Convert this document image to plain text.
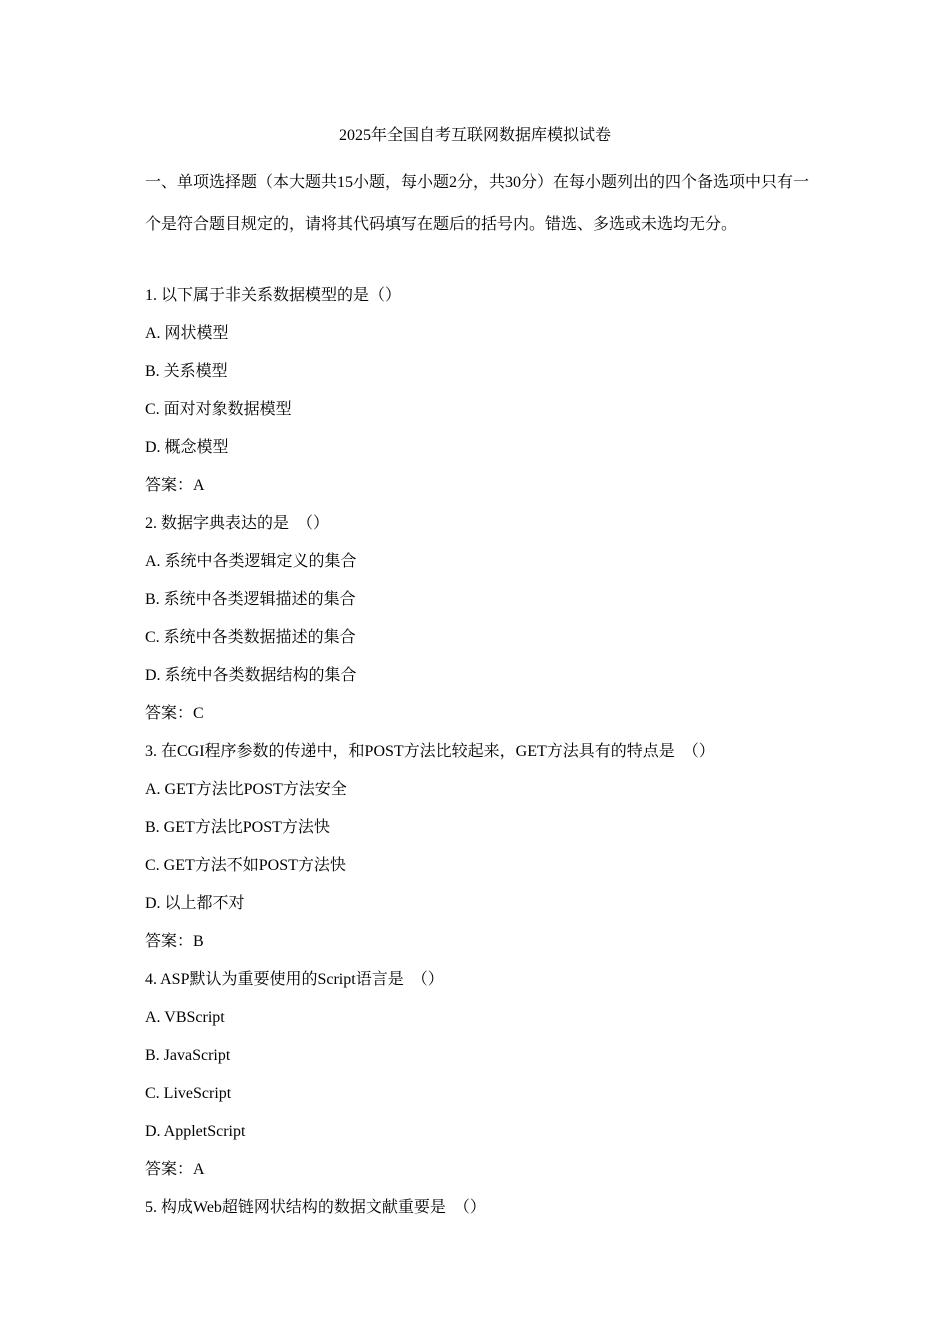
2025年全国自考互联网数据库模拟试卷
一、单项选择题（本大题共15小题，每小题2分，共30分）在每小题列出的四个备选项中只有一个是符合题目规定的，请将其代码填写在题后的括号内。错选、多选或未选均无分。
1. 以下属于非关系数据模型的是（）
A. 网状模型
B. 关系模型
C. 面对对象数据模型
D. 概念模型
答案：A
2. 数据字典表达的是　（）
A. 系统中各类逻辑定义的集合
B. 系统中各类逻辑描述的集合
C. 系统中各类数据描述的集合
D. 系统中各类数据结构的集合
答案：C
3. 在CGI程序参数的传递中，和POST方法比较起来，GET方法具有的特点是　（）
A. GET方法比POST方法安全
B. GET方法比POST方法快
C. GET方法不如POST方法快
D. 以上都不对
答案：B
4. ASP默认为重要使用的Script语言是　（）
A. VBScript
B. JavaScript
C. LiveScript
D. AppletScript
答案：A
5. 构成Web超链网状结构的数据文献重要是　（）
